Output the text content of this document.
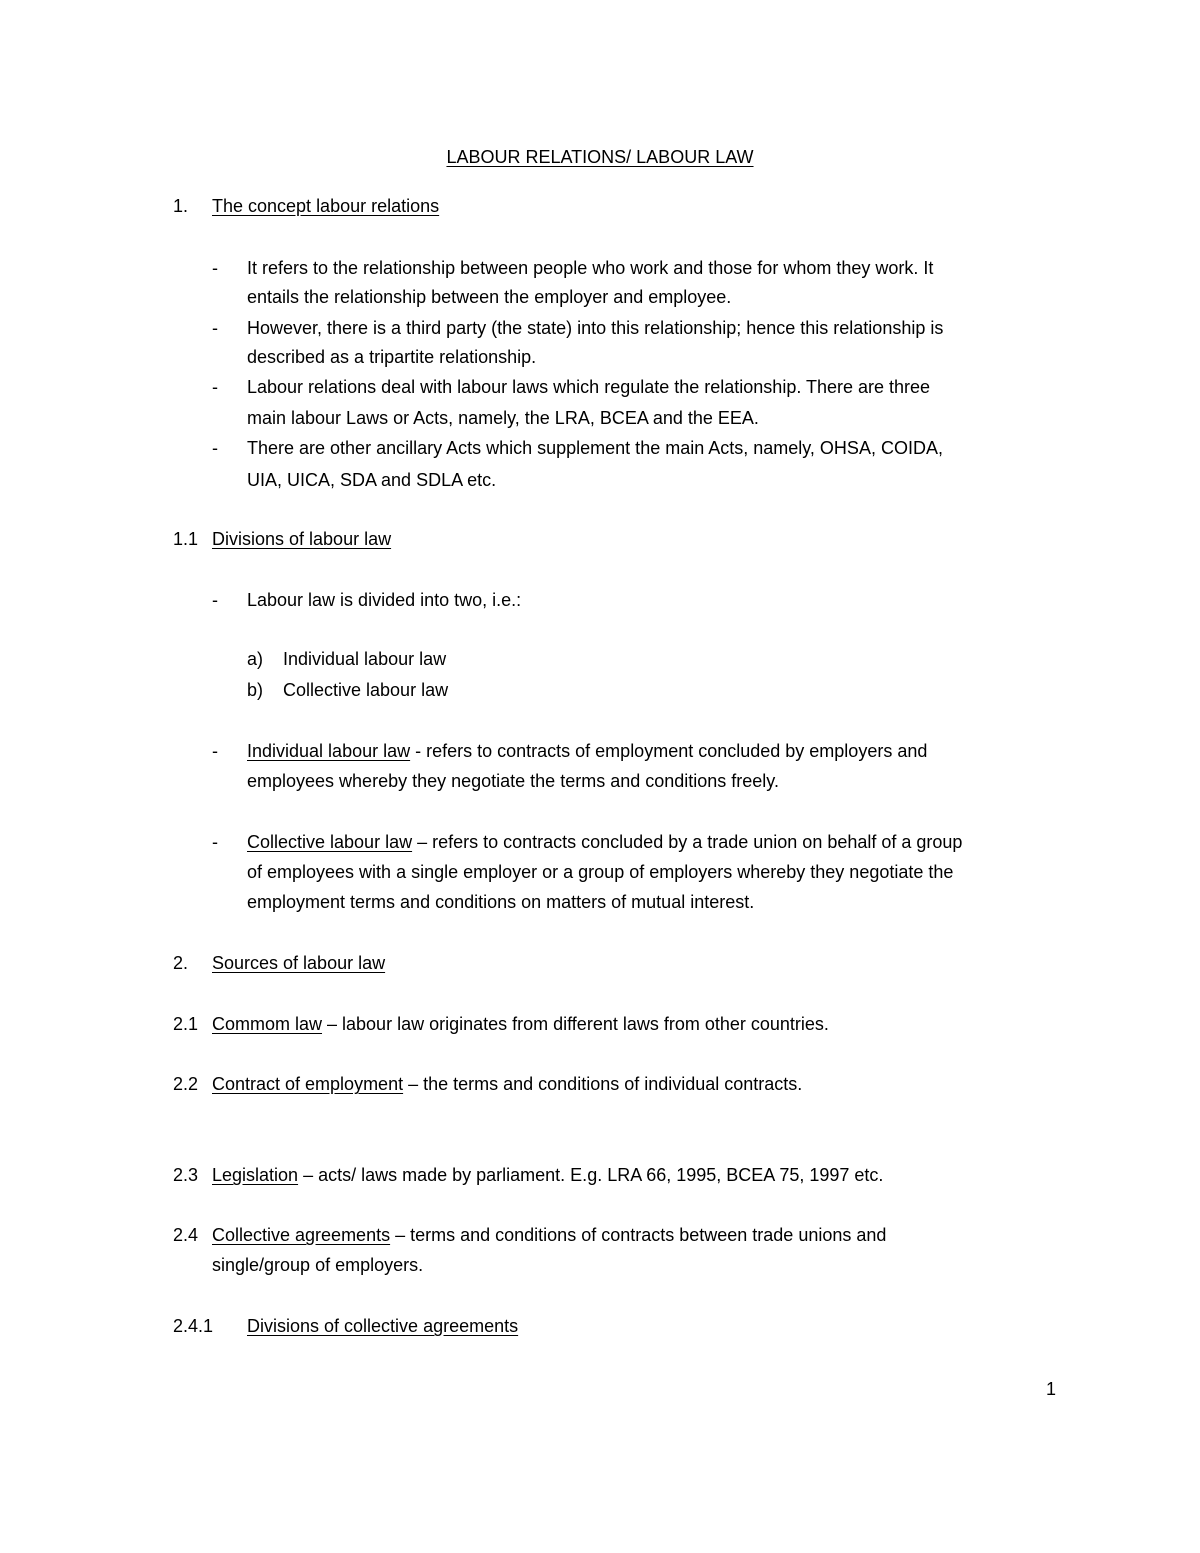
LABOUR RELATIONS/ LABOUR LAW
1. The concept labour relations
- It refers to the relationship between people who work and those for whom they work. It
entails the relationship between the employer and employee.
- However, there is a third party (the state) into this relationship; hence this relationship is
described as a tripartite relationship.
- Labour relations deal with labour laws which regulate the relationship. There are three
main labour Laws or Acts, namely, the LRA, BCEA and the EEA.
- There are other ancillary Acts which supplement the main Acts, namely, OHSA, COIDA,
UIA, UICA, SDA and SDLA etc.
1.1 Divisions of labour law
- Labour law is divided into two, i.e.:
a) Individual labour law
b) Collective labour law
- Individual labour law - refers to contracts of employment concluded by employers and
employees whereby they negotiate the terms and conditions freely.
- Collective labour law – refers to contracts concluded by a trade union on behalf of a group
of employees with a single employer or a group of employers whereby they negotiate the
employment terms and conditions on matters of mutual interest.
2. Sources of labour law
2.1 Commom law – labour law originates from different laws from other countries.
2.2 Contract of employment – the terms and conditions of individual contracts.
2.3 Legislation – acts/ laws made by parliament. E.g. LRA 66, 1995, BCEA 75, 1997 etc.
2.4 Collective agreements – terms and conditions of contracts between trade unions and
single/group of employers.
2.4.1 Divisions of collective agreements
1
